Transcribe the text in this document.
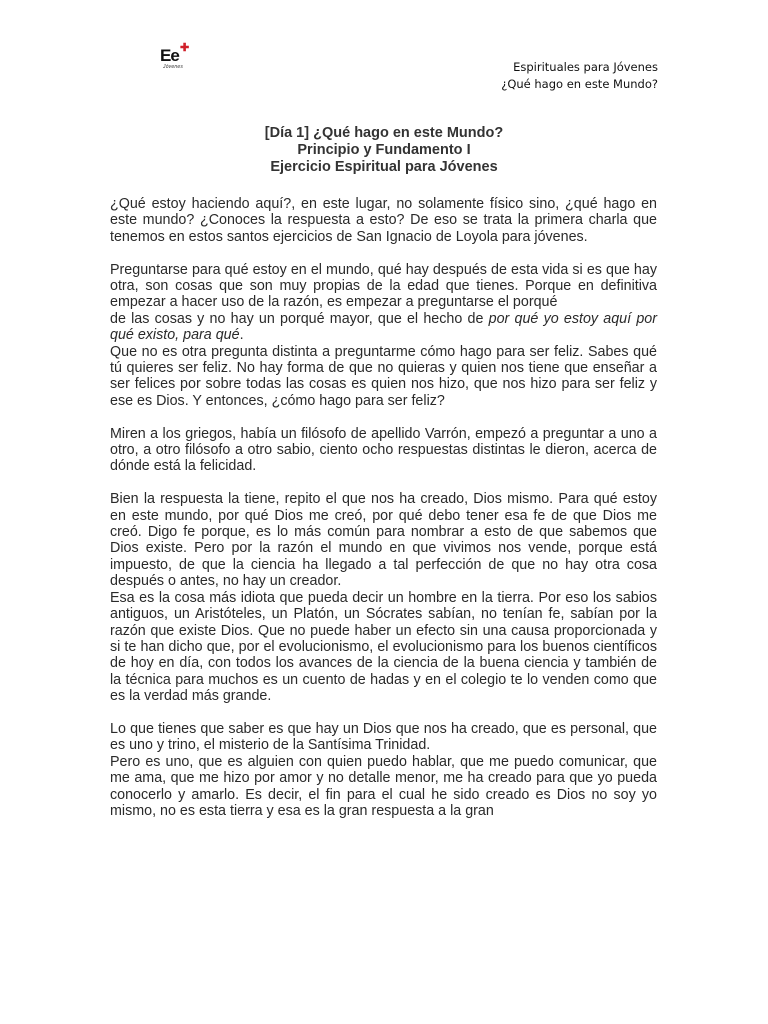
Ee ✚
Jóvenes	Espirituales para Jóvenes
¿Qué hago en este Mundo?
[Día 1] ¿Qué hago en este Mundo?
Principio y Fundamento I
Ejercicio Espiritual para Jóvenes

¿Qué estoy haciendo aquí?, en este lugar, no solamente físico sino, ¿qué hago en este mundo? ¿Conoces la respuesta a esto? De eso se trata la primera charla que tenemos en estos santos ejercicios de San Ignacio de Loyola para jóvenes.

Preguntarse para qué estoy en el mundo, qué hay después de esta vida si es que hay otra, son cosas que son muy propias de la edad que tienes. Porque en definitiva empezar a hacer uso de la razón, es empezar a preguntarse el porqué

de las cosas y no hay un porqué mayor, que el hecho de por qué yo estoy aquí por qué existo, para qué.

Que no es otra pregunta distinta a preguntarme cómo hago para ser feliz. Sabes qué tú quieres ser feliz. No hay forma de que no quieras y quien nos tiene que enseñar a ser felices por sobre todas las cosas es quien nos hizo, que nos hizo para ser feliz y ese es Dios. Y entonces, ¿cómo hago para ser feliz?

Miren a los griegos, había un filósofo de apellido Varrón, empezó a preguntar a uno a otro, a otro filósofo a otro sabio, ciento ocho respuestas distintas le dieron, acerca de dónde está la felicidad.

Bien la respuesta la tiene, repito el que nos ha creado, Dios mismo. Para qué estoy en este mundo, por qué Dios me creó, por qué debo tener esa fe de que Dios me creó. Digo fe porque, es lo más común para nombrar a esto de que sabemos que Dios existe. Pero por la razón el mundo en que vivimos nos vende, porque está impuesto, de que la ciencia ha llegado a tal perfección de que no hay otra cosa después o antes, no hay un creador.

Esa es la cosa más idiota que pueda decir un hombre en la tierra. Por eso los sabios antiguos, un Aristóteles, un Platón, un Sócrates sabían, no tenían fe, sabían por la razón que existe Dios. Que no puede haber un efecto sin una causa proporcionada y si te han dicho que, por el evolucionismo, el evolucionismo para los buenos científicos de hoy en día, con todos los avances de la ciencia de la buena ciencia y también de la técnica para muchos es un cuento de hadas y en el colegio te lo venden como que es la verdad más grande.

Lo que tienes que saber es que hay un Dios que nos ha creado, que es personal, que es uno y trino, el misterio de la Santísima Trinidad.

Pero es uno, que es alguien con quien puedo hablar, que me puedo comunicar, que me ama, que me hizo por amor y no detalle menor, me ha creado para que yo pueda conocerlo y amarlo. Es decir, el fin para el cual he sido creado es Dios no soy yo mismo, no es esta tierra y esa es la gran respuesta a la gran
